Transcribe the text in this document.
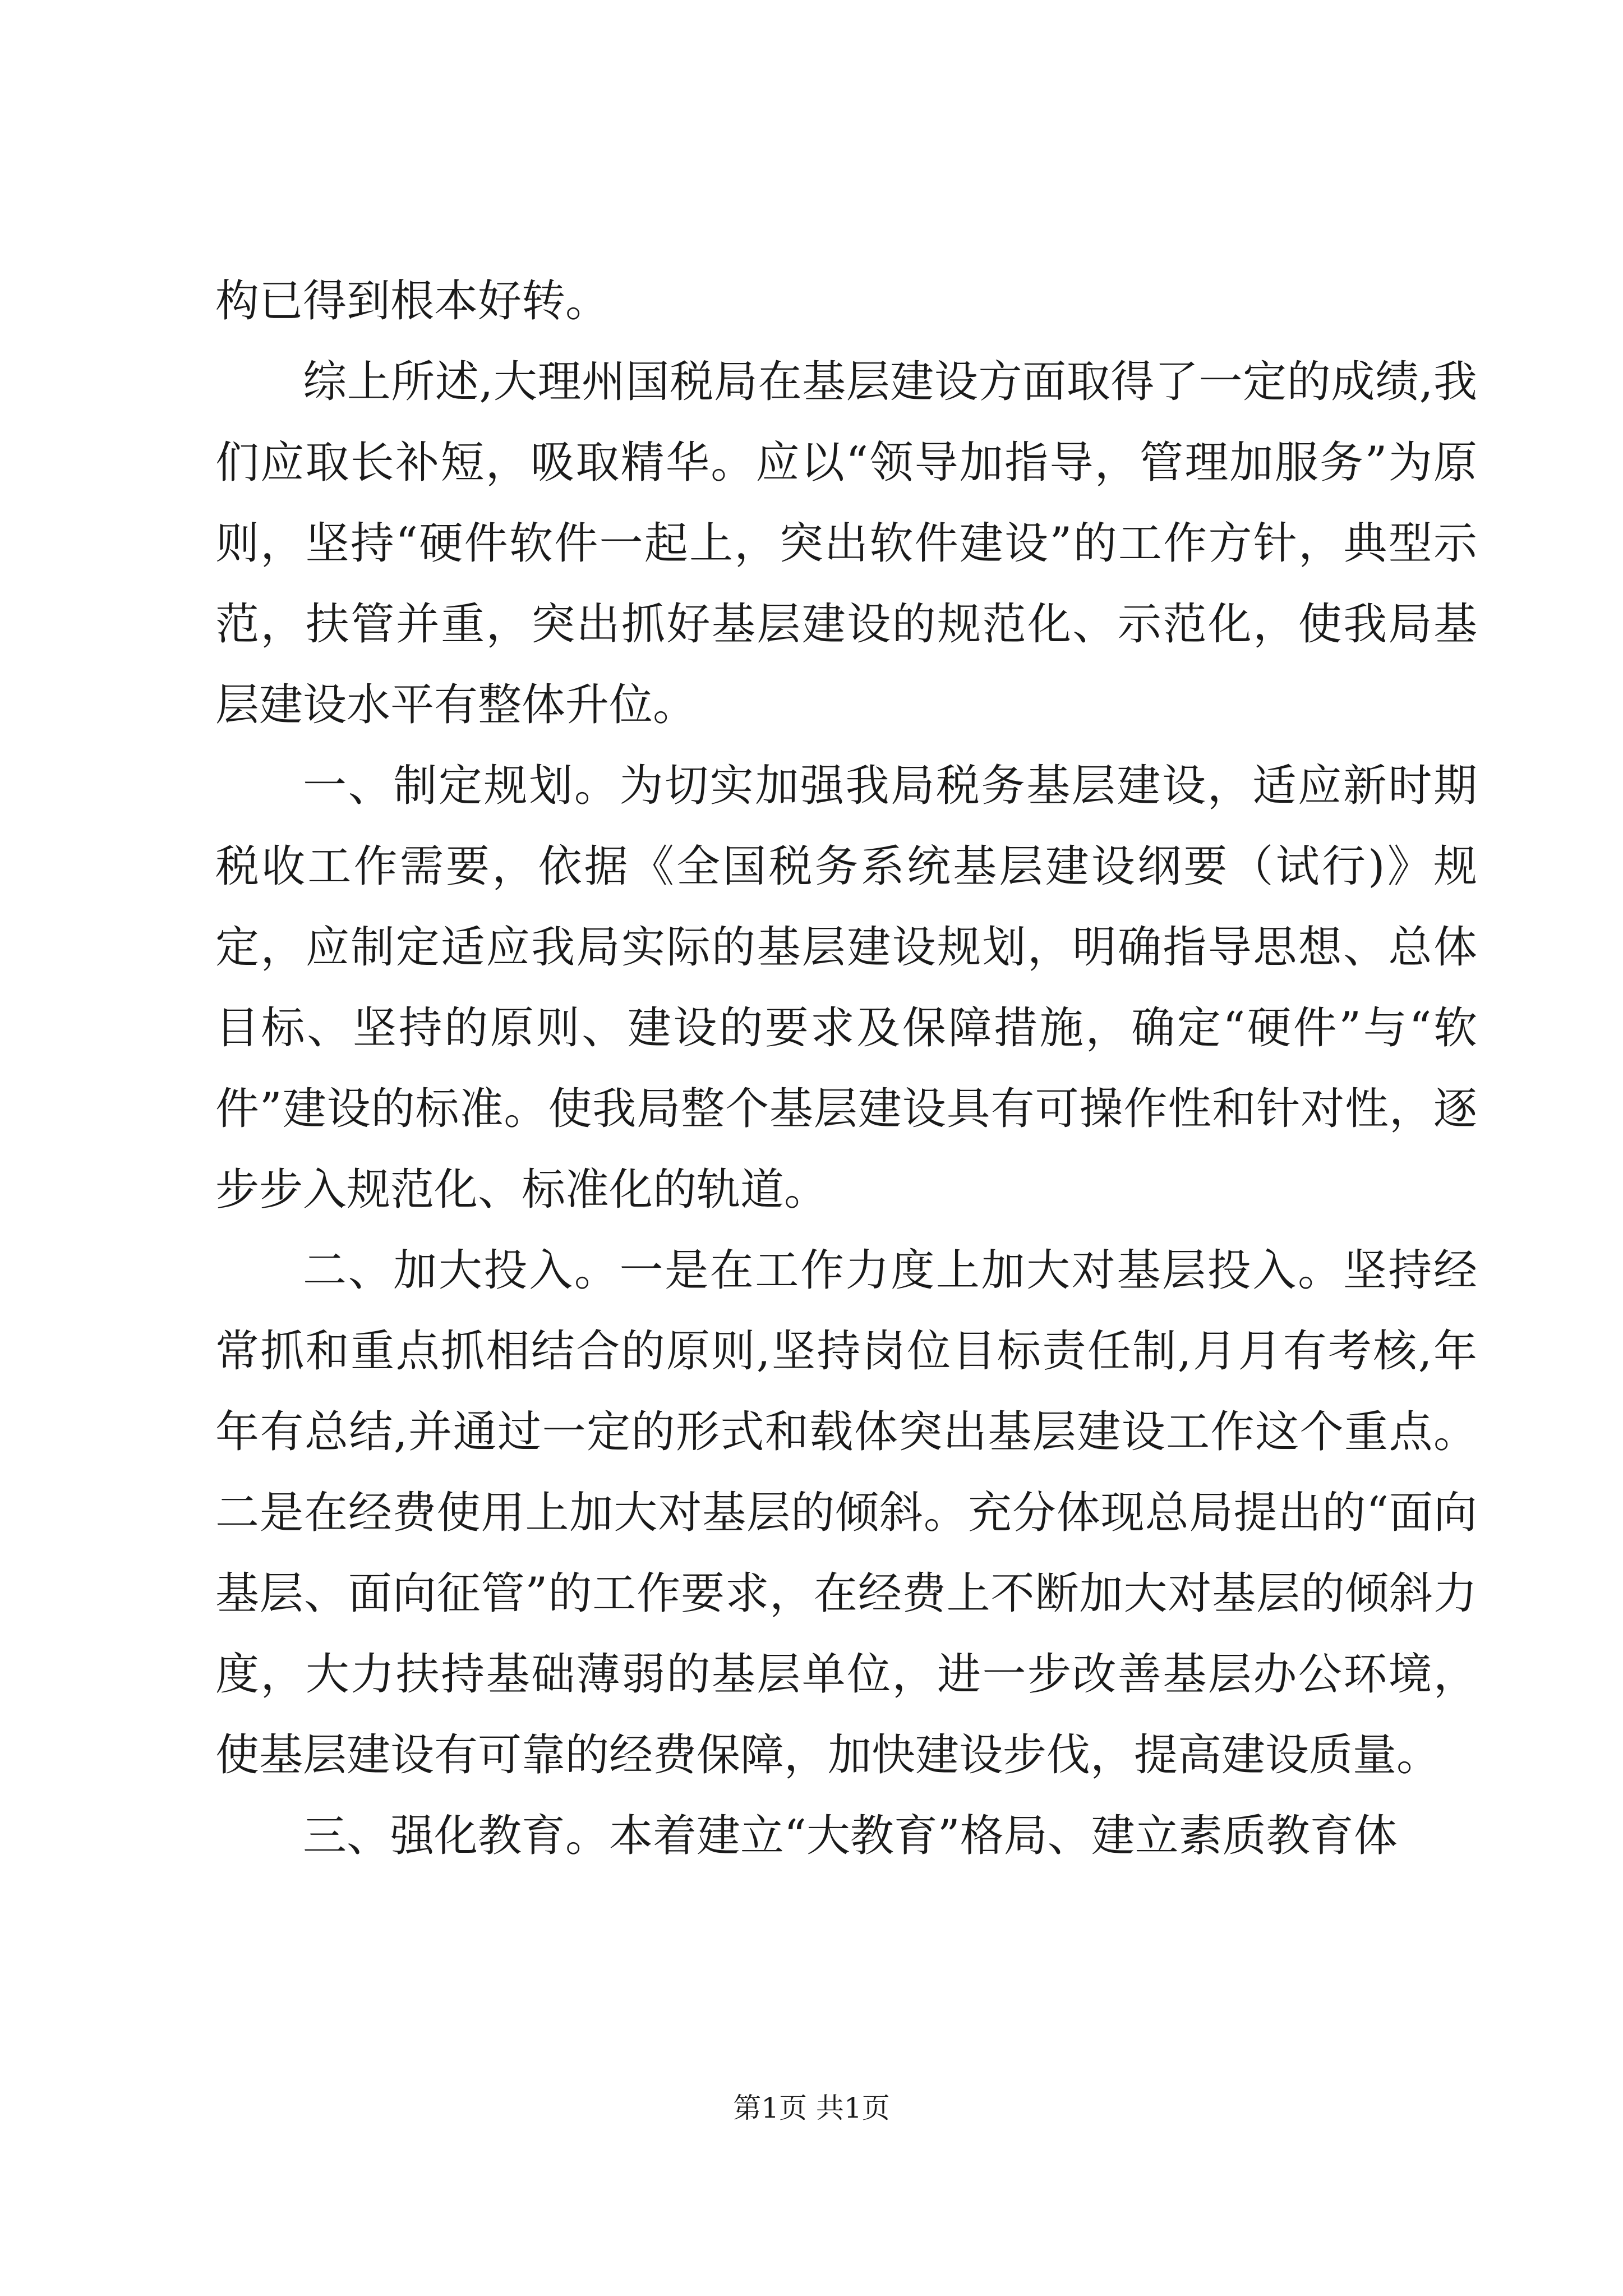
构已得到根本好转。

综上所述,大理州国税局在基层建设方面取得了一定的成绩,我们应取长补短，吸取精华。应以“领导加指导，管理加服务”为原则，坚持“硬件软件一起上，突出软件建设”的工作方针，典型示范，扶管并重，突出抓好基层建设的规范化、示范化，使我局基层建设水平有整体升位。

一、制定规划。为切实加强我局税务基层建设，适应新时期税收工作需要，依据《全国税务系统基层建设纲要（试行)》规定，应制定适应我局实际的基层建设规划，明确指导思想、总体目标、坚持的原则、建设的要求及保障措施，确定“硬件”与“软件”建设的标准。使我局整个基层建设具有可操作性和针对性，逐步步入规范化、标准化的轨道。

二、加大投入。一是在工作力度上加大对基层投入。坚持经常抓和重点抓相结合的原则,坚持岗位目标责任制,月月有考核,年年有总结,并通过一定的形式和载体突出基层建设工作这个重点。二是在经费使用上加大对基层的倾斜。充分体现总局提出的“面向基层、面向征管”的工作要求，在经费上不断加大对基层的倾斜力度，大力扶持基础薄弱的基层单位，进一步改善基层办公环境，使基层建设有可靠的经费保障，加快建设步伐，提高建设质量。

三、强化教育。本着建立“大教育”格局、建立素质教育体

第1页 共1页
